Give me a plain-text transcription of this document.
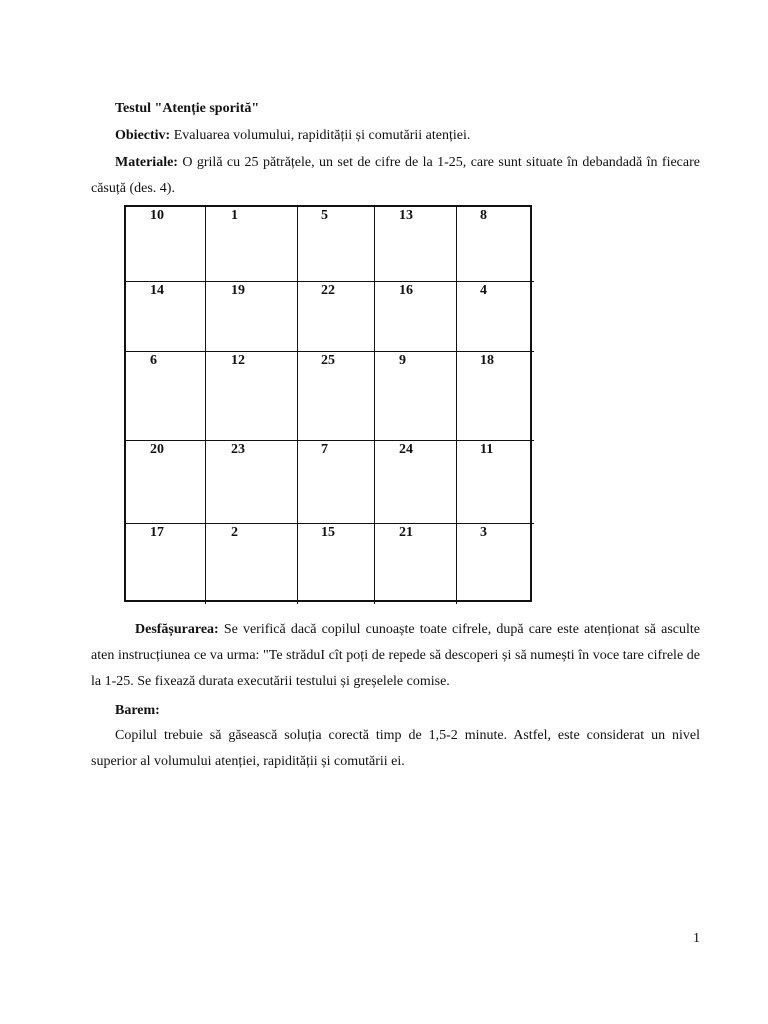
Testul "Atenție sporită"

Obiectiv: Evaluarea volumului, rapidității și comutării atenției.

Materiale: O grilă cu 25 pătrățele, un set de cifre de la 1-25, care sunt situate în debandadă în fiecare căsuță (des. 4).

10	1	5	13	8
14	19	22	16	4
6	12	25	9	18
20	23	7	24	11
17	2	15	21	3

Desfășurarea: Se verifică dacă copilul cunoaște toate cifrele, după care este atenționat să asculte aten instrucțiunea ce va urma: "Te străduI cît poți de repede să descoperi și să numești în voce tare cifrele de la 1-25. Se fixează durata executării testului și greșelele comise.

Barem:

Copilul trebuie să găsească soluția corectă timp de 1,5-2 minute. Astfel, este considerat un nivel superior al volumului atenției, rapidității și comutării ei.

1
